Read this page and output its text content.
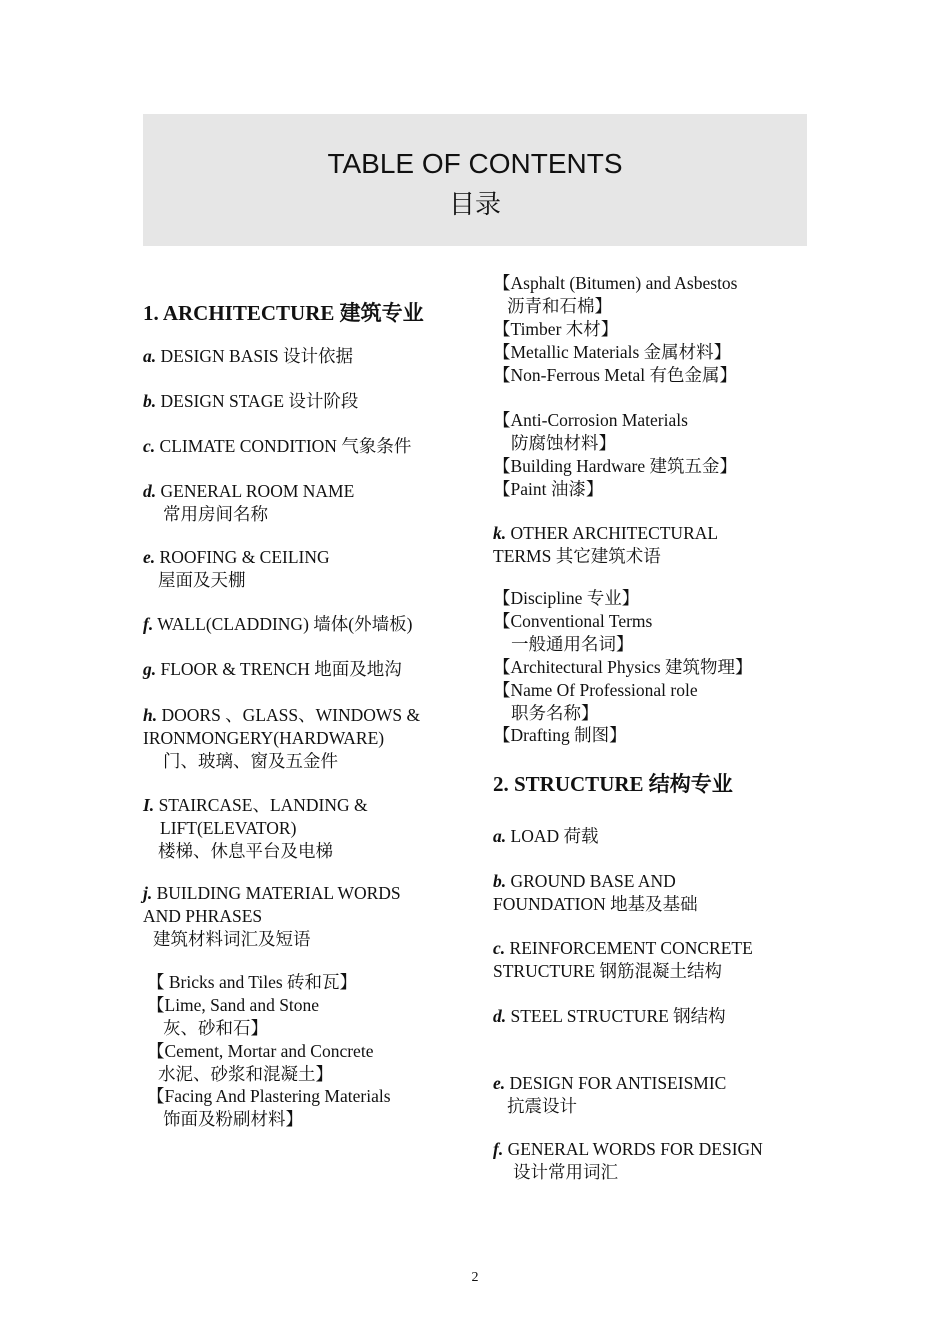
TABLE OF CONTENTS
目录
1. ARCHITECTURE 建筑专业
a. DESIGN BASIS 设计依据
b. DESIGN STAGE 设计阶段
c. CLIMATE CONDITION 气象条件
d. GENERAL ROOM NAME
常用房间名称
e. ROOFING & CEILING
屋面及天棚
f. WALL(CLADDING) 墙体(外墙板)
g. FLOOR & TRENCH 地面及地沟
h. DOORS 、GLASS、WINDOWS &
IRONMONGERY(HARDWARE)
门、玻璃、窗及五金件
I. STAIRCASE、LANDING &
LIFT(ELEVATOR)
楼梯、休息平台及电梯
j. BUILDING MATERIAL WORDS
AND PHRASES
建筑材料词汇及短语
【 Bricks and Tiles 砖和瓦】
【Lime, Sand and Stone
灰、砂和石】
【Cement, Mortar and Concrete
水泥、砂浆和混凝土】
【Facing And Plastering Materials
饰面及粉刷材料】
【Asphalt (Bitumen) and Asbestos
沥青和石棉】
【Timber 木材】
【Metallic Materials 金属材料】
【Non-Ferrous Metal 有色金属】
【Anti-Corrosion Materials
防腐蚀材料】
【Building Hardware 建筑五金】
【Paint 油漆】
k. OTHER ARCHITECTURAL
TERMS 其它建筑术语
【Discipline 专业】
【Conventional Terms
一般通用名词】
【Architectural Physics 建筑物理】
【Name Of Professional role
职务名称】
【Drafting 制图】
2. STRUCTURE 结构专业
a. LOAD 荷载
b. GROUND BASE AND
FOUNDATION 地基及基础
c. REINFORCEMENT CONCRETE
STRUCTURE 钢筋混凝土结构
d. STEEL STRUCTURE 钢结构
e. DESIGN FOR ANTISEISMIC
抗震设计
f. GENERAL WORDS FOR DESIGN
设计常用词汇
2
